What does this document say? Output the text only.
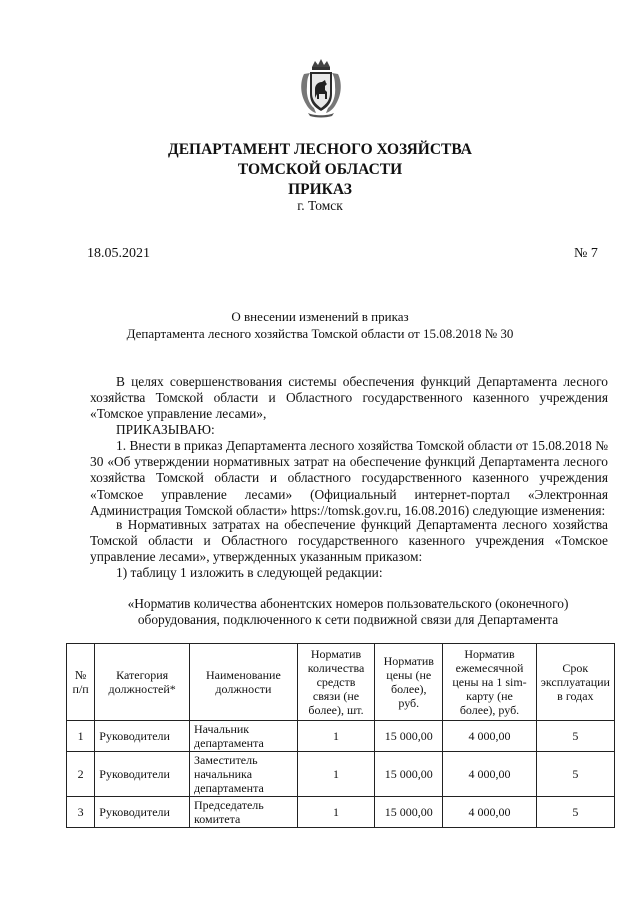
ДЕПАРТАМЕНТ ЛЕСНОГО ХОЗЯЙСТВА
ТОМСКОЙ ОБЛАСТИ
ПРИКАЗ
г. Томск
18.05.2021	№ 7
О внесении изменений в приказ
Департамента лесного хозяйства Томской области от 15.08.2018 № 30
В целях совершенствования системы обеспечения функций Департамента лесного хозяйства Томской области и Областного государственного казенного учреждения «Томское управление лесами»,
ПРИКАЗЫВАЮ:
1. Внести в приказ Департамента лесного хозяйства Томской области от 15.08.2018 № 30 «Об утверждении нормативных затрат на обеспечение функций Департамента лесного хозяйства Томской области и областного государственного казенного учреждения «Томское управление лесами» (Официальный интернет-портал «Электронная Администрация Томской области» https://tomsk.gov.ru, 16.08.2016) следующие изменения:
в Нормативных затратах на обеспечение функций Департамента лесного хозяйства Томской области и Областного государственного казенного учреждения «Томское управление лесами», утвержденных указанным приказом:
1) таблицу 1 изложить в следующей редакции:
«Норматив количества абонентских номеров пользовательского (оконечного) оборудования, подключенного к сети подвижной связи для Департамента
№ п/п	Категория должностей*	Наименование должности	Норматив количества средств связи (не более), шт.	Норматив цены (не более), руб.	Норматив ежемесячной цены на 1 sim-карту (не более), руб.	Срок эксплуатации в годах
1	Руководители	Начальник департамента	1	15 000,00	4 000,00	5
2	Руководители	Заместитель начальника департамента	1	15 000,00	4 000,00	5
3	Руководители	Председатель комитета	1	15 000,00	4 000,00	5
